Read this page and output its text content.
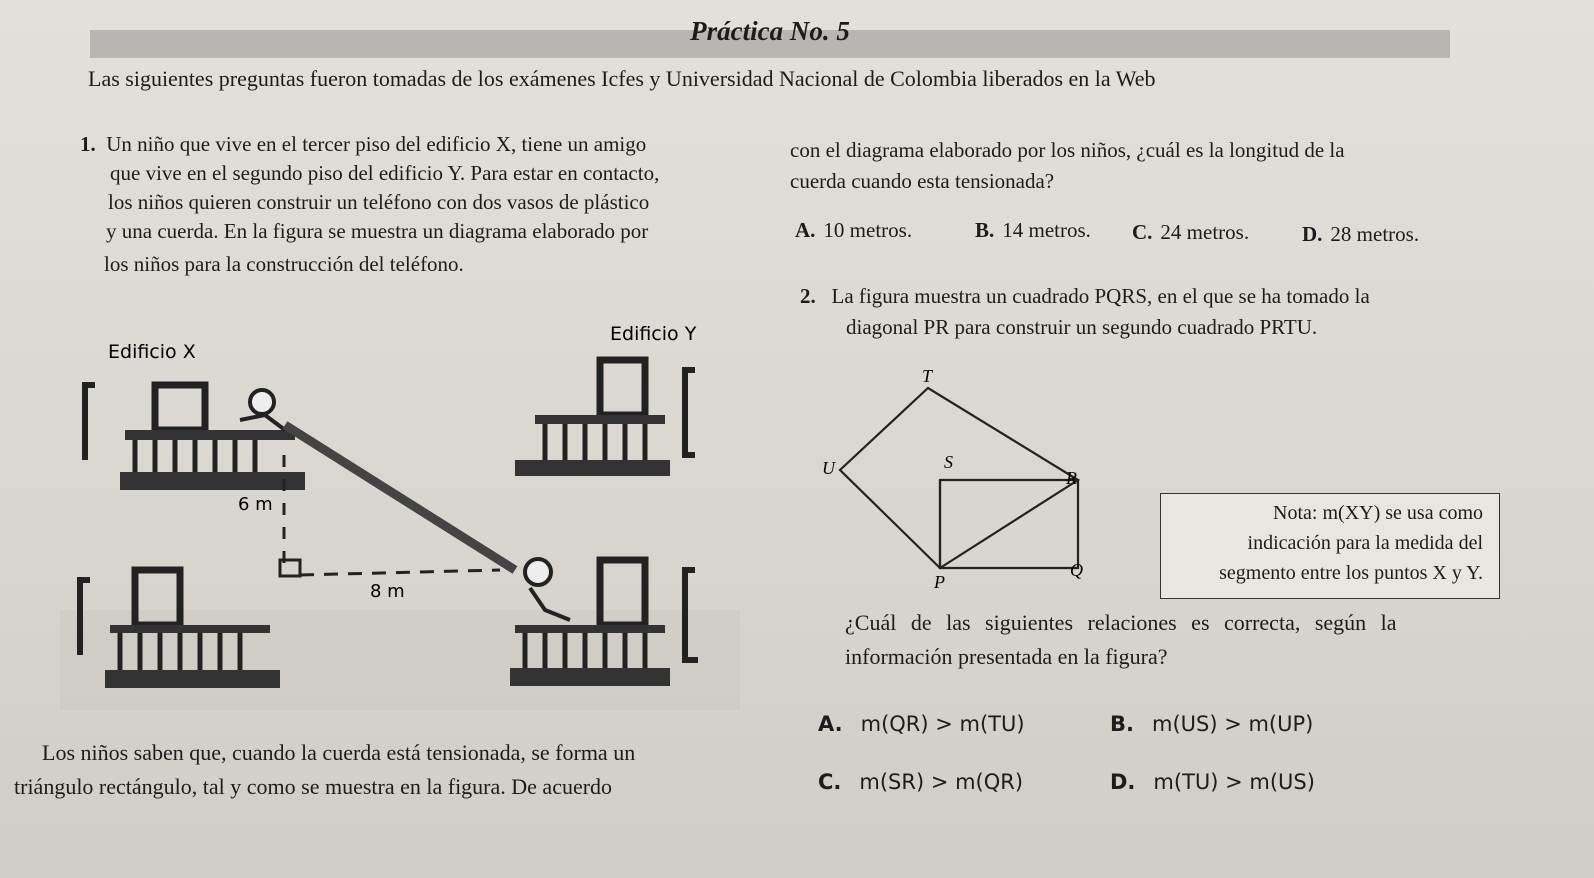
Práctica No. 5
Las siguientes preguntas fueron tomadas de los exámenes Icfes y Universidad Nacional de Colombia liberados en la Web
1. Un niño que vive en el tercer piso del edificio X, tiene un amigo
que vive en el segundo piso del edificio Y. Para estar en contacto,
los niños quieren construir un teléfono con dos vasos de plástico
y una cuerda. En la figura se muestra un diagrama elaborado por
los niños para la construcción del teléfono.
Edificio X
6 m
8 m
Edificio Y
Los niños saben que, cuando la cuerda está tensionada, se forma un
triángulo rectángulo, tal y como se muestra en la figura. De acuerdo
con el diagrama elaborado por los niños, ¿cuál es la longitud de la
cuerda cuando esta tensionada?
A. 10 metros.	B. 14 metros. C. 24 metros.	D. 28 metros.
2. La figura muestra un cuadrado PQRS, en el que se ha tomado la
diagonal PR para construir un segundo cuadrado PRTU.
T
U	S
R
P
Q
Nota: m(XY) se usa como
indicación para la medida del
segmento entre los puntos X y Y.
¿Cuál de las siguientes relaciones es correcta, según la
información presentada en la figura?
A. m(QR) > m(TU)	B. m(US) > m(UP)
C. m(SR) > m(QR)	D. m(TU) > m(US)
